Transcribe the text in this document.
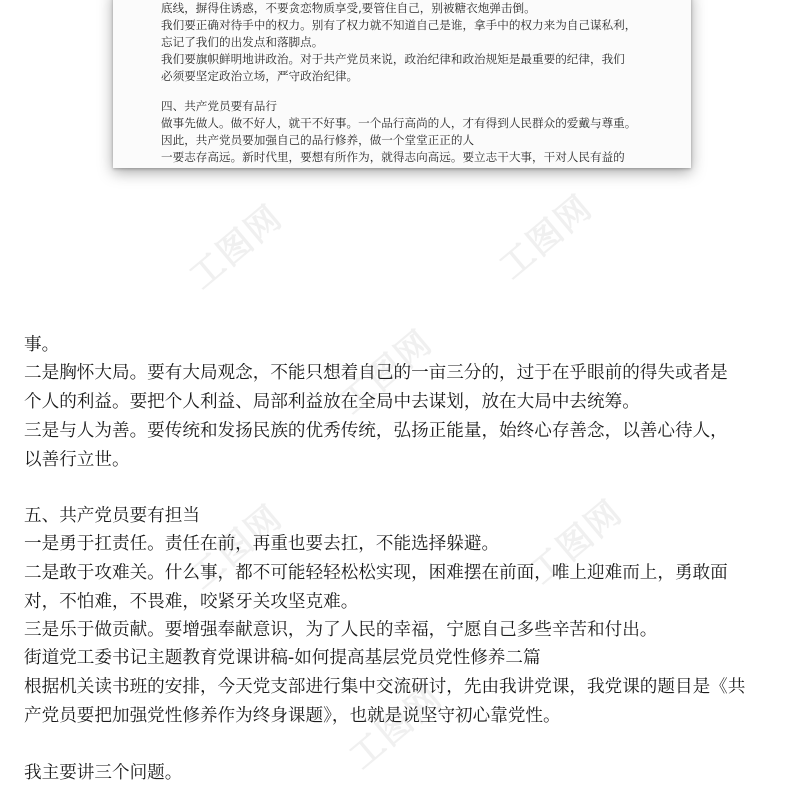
工图网	工图网
工图网
工图网	工图网
工图网
底线，摒得住诱惑，不要贪恋物质享受,要管住自己，别被糖衣炮弹击倒。
我们要正确对待手中的权力。别有了权力就不知道自己是谁，拿手中的权力来为自己谋私利，
忘记了我们的出发点和落脚点。
我们要旗帜鲜明地讲政治。对于共产党员来说，政治纪律和政治规矩是最重要的纪律，我们
必须要坚定政治立场，严守政治纪律。
四、共产党员要有品行
做事先做人。做不好人，就干不好事。一个品行高尚的人，才有得到人民群众的爱戴与尊重。
因此，共产党员要加强自己的品行修养，做一个堂堂正正的人
一要志存高远。新时代里，要想有所作为，就得志向高远。要立志干大事，干对人民有益的
事。
二是胸怀大局。要有大局观念，不能只想着自己的一亩三分的，过于在乎眼前的得失或者是
个人的利益。要把个人利益、局部利益放在全局中去谋划，放在大局中去统筹。
三是与人为善。要传统和发扬民族的优秀传统，弘扬正能量，始终心存善念，以善心待人，
以善行立世。
五、共产党员要有担当
一是勇于扛责任。责任在前，再重也要去扛，不能选择躲避。
二是敢于攻难关。什么事，都不可能轻轻松松实现，困难摆在前面，唯上迎难而上，勇敢面
对，不怕难，不畏难，咬紧牙关攻坚克难。
三是乐于做贡献。要增强奉献意识，为了人民的幸福，宁愿自己多些辛苦和付出。
街道党工委书记主题教育党课讲稿-如何提高基层党员党性修养二篇
根据机关读书班的安排，今天党支部进行集中交流研讨，先由我讲党课，我党课的题目是《共
产党员要把加强党性修养作为终身课题》，也就是说坚守初心靠党性。
我主要讲三个问题。
